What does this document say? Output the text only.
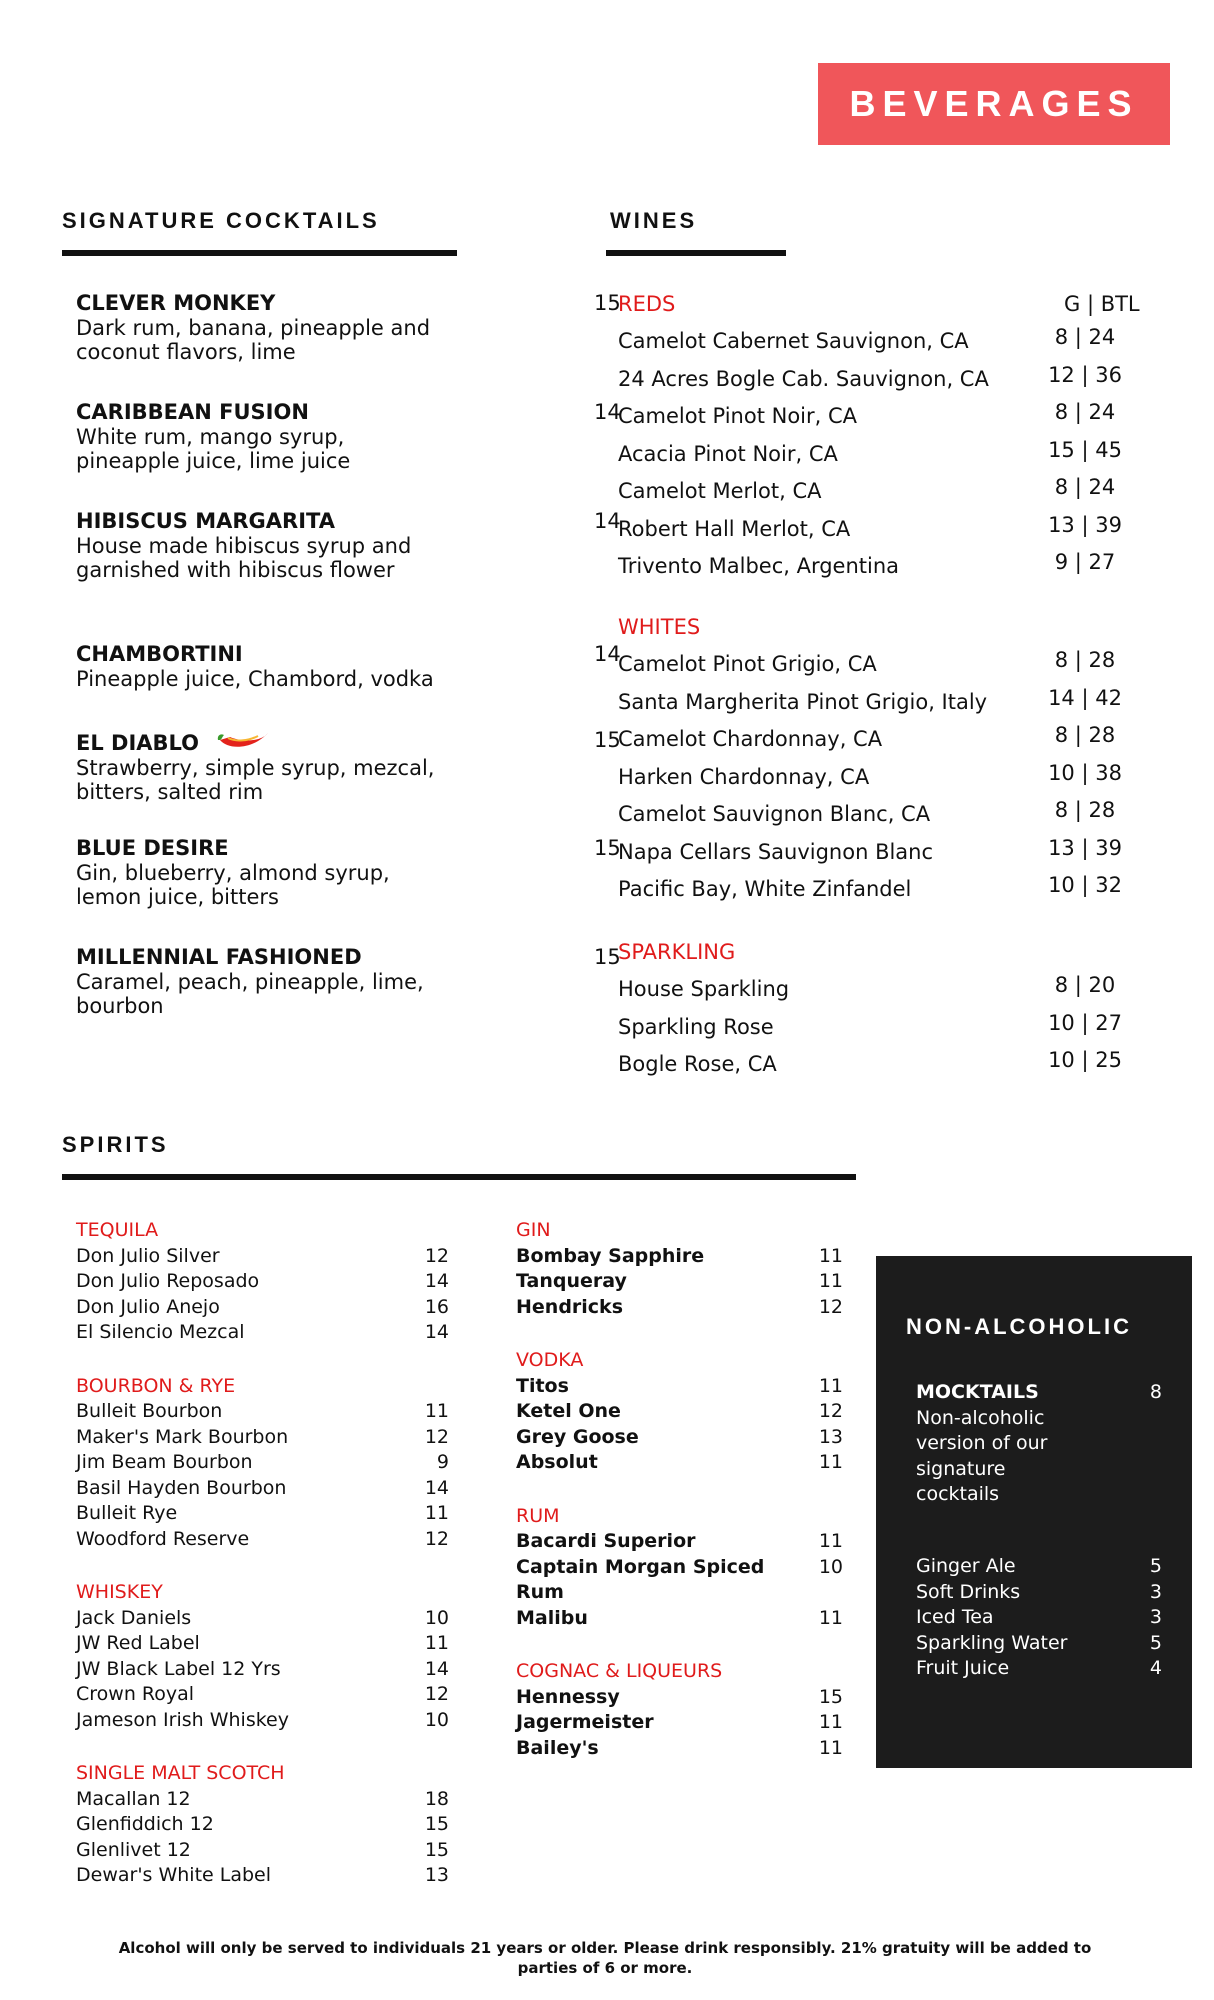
BEVERAGES
SIGNATURE COCKTAILS
CLEVER MONKEY	15
Dark rum, banana, pineapple and
coconut flavors, lime
CARIBBEAN FUSION	14
White rum, mango syrup,
pineapple juice, lime juice
HIBISCUS MARGARITA	14
House made hibiscus syrup and
garnished with hibiscus flower
CHAMBORTINI	14
Pineapple juice, Chambord, vodka
EL DIABLO	15
Strawberry, simple syrup, mezcal,
bitters, salted rim
BLUE DESIRE	15
Gin, blueberry, almond syrup,
lemon juice, bitters
MILLENNIAL FASHIONED	15
Caramel, peach, pineapple, lime,
bourbon
WINES
G | BTL
REDS
Camelot Cabernet Sauvignon, CA	8 | 24
24 Acres Bogle Cab. Sauvignon, CA	12 | 36
Camelot Pinot Noir, CA	8 | 24
Acacia Pinot Noir, CA	15 | 45
Camelot Merlot, CA	8 | 24
Robert Hall Merlot, CA	13 | 39
Trivento Malbec, Argentina	9 | 27
WHITES
Camelot Pinot Grigio, CA	8 | 28
Santa Margherita Pinot Grigio, Italy	14 | 42
Camelot Chardonnay, CA	8 | 28
Harken Chardonnay, CA	10 | 38
Camelot Sauvignon Blanc, CA	8 | 28
Napa Cellars Sauvignon Blanc	13 | 39
Pacific Bay, White Zinfandel	10 | 32
SPARKLING
House Sparkling	8 | 20
Sparkling Rose	10 | 27
Bogle Rose, CA	10 | 25
SPIRITS
TEQUILA
Don Julio Silver	12
Don Julio Reposado	14
Don Julio Anejo	16
El Silencio Mezcal	14
BOURBON & RYE
Bulleit Bourbon	11
Maker's Mark Bourbon	12
Jim Beam Bourbon	9
Basil Hayden Bourbon	14
Bulleit Rye	11
Woodford Reserve	12
WHISKEY
Jack Daniels	10
JW Red Label	11
JW Black Label 12 Yrs	14
Crown Royal	12
Jameson Irish Whiskey	10
SINGLE MALT SCOTCH
Macallan 12	18
Glenfiddich 12	15
Glenlivet 12	15
Dewar's White Label	13
GIN
Bombay Sapphire	11
Tanqueray	11
Hendricks	12
VODKA
Titos	11
Ketel One	12
Grey Goose	13
Absolut	11
RUM
Bacardi Superior	11
Captain Morgan Spiced	10
Rum
Malibu	11
COGNAC & LIQUEURS
Hennessy	15
Jagermeister	11
Bailey's	11
NON-ALCOHOLIC
MOCKTAILS	8
Non-alcoholic
version of our
signature
cocktails
Ginger Ale	5
Soft Drinks	3
Iced Tea	3
Sparkling Water	5
Fruit Juice	4
Alcohol will only be served to individuals 21 years or older. Please drink responsibly. 21% gratuity will be added to
parties of 6 or more.
